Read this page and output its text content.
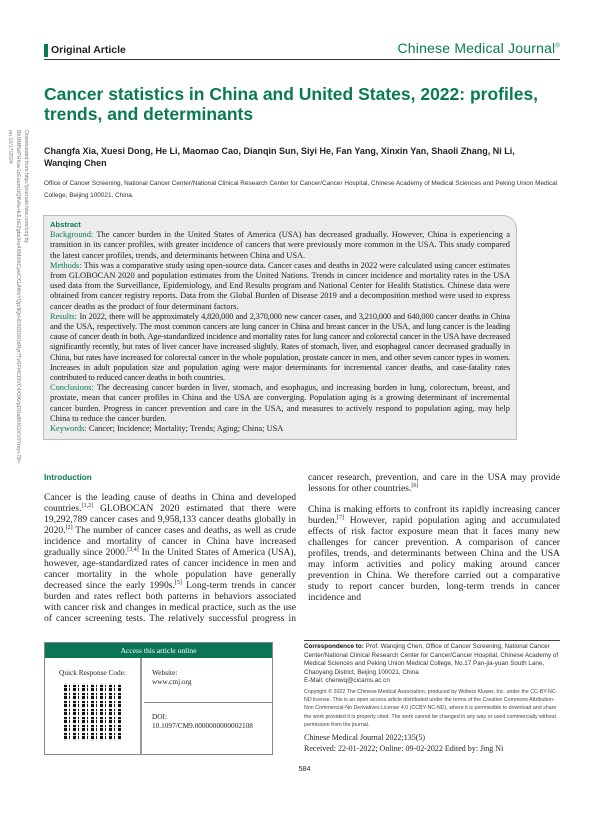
Downloaded from http://journals.lww.com/cmj by BhDMf5ePHKav1zEoum1tQfN4a+kJLhEZgbsIHo4XMi0hCywCX1AWnYQp/IlQrHD3i3D0OdRyi7TvSFl4Cf3VC4/OAVpDDa8KKGKV0Ymy+78= on 10/17/2024
Original Article	Chinese Medical Journal®
Cancer statistics in China and United States, 2022: profiles, trends, and determinants
Changfa Xia, Xuesi Dong, He Li, Maomao Cao, Dianqin Sun, Siyi He, Fan Yang, Xinxin Yan, Shaoli Zhang, Ni Li, Wanqing Chen
Office of Cancer Screening, National Cancer Center/National Clinical Research Center for Cancer/Cancer Hospital, Chinese Academy of Medical Sciences and Peking Union Medical College, Beijing 100021, China.
Abstract

Background: The cancer burden in the United States of America (USA) has decreased gradually. However, China is experiencing a transition in its cancer profiles, with greater incidence of cancers that were previously more common in the USA. This study compared the latest cancer profiles, trends, and determinants between China and USA.

Methods: This was a comparative study using open-source data. Cancer cases and deaths in 2022 were calculated using cancer estimates from GLOBOCAN 2020 and population estimates from the United Nations. Trends in cancer incidence and mortality rates in the USA used data from the Surveillance, Epidemiology, and End Results program and National Center for Health Statistics. Chinese data were obtained from cancer registry reports. Data from the Global Burden of Disease 2019 and a decomposition method were used to express cancer deaths as the product of four determinant factors.

Results: In 2022, there will be approximately 4,820,000 and 2,370,000 new cancer cases, and 3,210,000 and 640,000 cancer deaths in China and the USA, respectively. The most common cancers are lung cancer in China and breast cancer in the USA, and lung cancer is the leading cause of cancer death in both. Age-standardized incidence and mortality rates for lung cancer and colorectal cancer in the USA have decreased significantly recently, but rates of liver cancer have increased slightly. Rates of stomach, liver, and esophageal cancer decreased gradually in China, but rates have increased for colorectal cancer in the whole population, prostate cancer in men, and other seven cancer types in women. Increases in adult population size and population aging were major determinants for incremental cancer deaths, and case-fatality rates contributed to reduced cancer deaths in both countries.

Conclusions: The decreasing cancer burden in liver, stomach, and esophagus, and increasing burden in lung, colorectum, breast, and prostate, mean that cancer profiles in China and the USA are converging. Population aging is a growing determinant of incremental cancer burden. Progress in cancer prevention and care in the USA, and measures to actively respond to population aging, may help China to reduce the cancer burden.

Keywords: Cancer; Incidence; Mortality; Trends; Aging; China; USA

Introduction

Cancer is the leading cause of deaths in China and developed countries.[1,2] GLOBOCAN 2020 estimated that there were 19,292,789 cancer cases and 9,958,133 cancer deaths globally in 2020.[2] The number of cancer cases and deaths, as well as crude incidence and mortality of cancer in China have increased gradually since 2000.[3,4] In the United States of America (USA), however, age-standardized rates of cancer incidence in men and cancer mortality in the whole population have generally decreased since the early 1990s.[5] Long-term trends in cancer burden and rates reflect both patterns in behaviors associated with cancer risk and changes in medical practice, such as the use of cancer screening tests. The relatively successful progress in cancer research, prevention, and care in the USA may provide lessons for other countries.[6]

China is making efforts to confront its rapidly increasing cancer burden.[7] However, rapid population aging and accumulated effects of risk factor exposure mean that it faces many new challenges for cancer prevention. A comparison of cancer profiles, trends, and determinants between China and the USA may inform activities and policy making around cancer prevention in China. We therefore carried out a comparative study to report cancer burden, long-term trends in cancer incidence and

Access this article online
Quick Response Code:	Website:
www.cmj.org
DOI:
10.1097/CM9.0000000000002108
Correspondence to: Prof. Wanqing Chen, Office of Cancer Screening, National Cancer Center/National Clinical Research Center for Cancer/Cancer Hospital, Chinese Academy of Medical Sciences and Peking Union Medical College, No.17 Pan-jia-yuan South Lane, Chaoyang District, Beijing 100021, China
E-Mail: chenwq@cicams.ac.cn
Copyright © 2022 The Chinese Medical Association, produced by Wolters Kluwer, Inc. under the CC-BY-NC-ND license. This is an open access article distributed under the terms of the Creative Commons Attribution-Non Commercial-No Derivatives License 4.0 (CCBY-NC-ND), where it is permissible to download and share the work provided it is properly cited. The work cannot be changed in any way or used commercially without permission from the journal.
Chinese Medical Journal 2022;135(5)
Received: 22-01-2022; Online: 09-02-2022 Edited by: Jing Ni
584
